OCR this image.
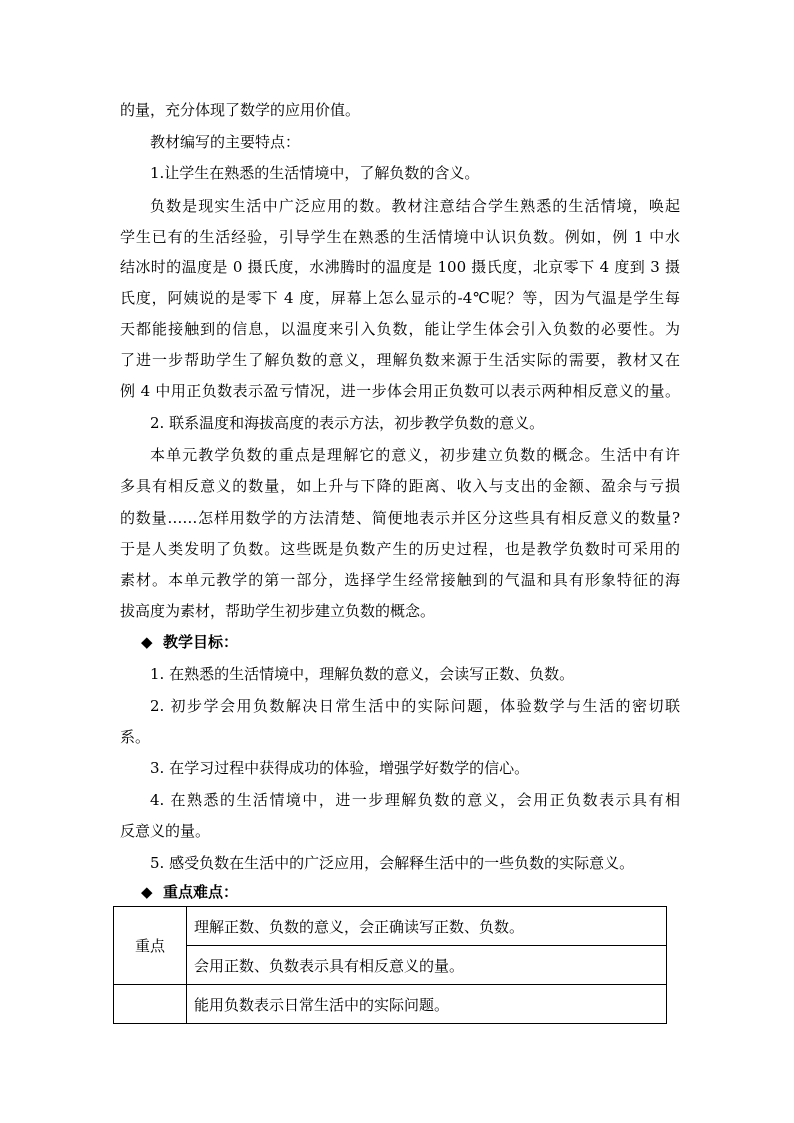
的量，充分体现了数学的应用价值。
教材编写的主要特点：
1.让学生在熟悉的生活情境中，了解负数的含义。
负数是现实生活中广泛应用的数。教材注意结合学生熟悉的生活情境，唤起
学生已有的生活经验，引导学生在熟悉的生活情境中认识负数。例如，例 1 中水
结冰时的温度是 0 摄氏度，水沸腾时的温度是 100 摄氏度，北京零下 4 度到 3 摄
氏度，阿姨说的是零下 4 度，屏幕上怎么显示的-4℃呢？等，因为气温是学生每
天都能接触到的信息，以温度来引入负数，能让学生体会引入负数的必要性。为
了进一步帮助学生了解负数的意义，理解负数来源于生活实际的需要，教材又在
例 4 中用正负数表示盈亏情况，进一步体会用正负数可以表示两种相反意义的量。
2. 联系温度和海拔高度的表示方法，初步教学负数的意义。
本单元教学负数的重点是理解它的意义，初步建立负数的概念。生活中有许
多具有相反意义的数量，如上升与下降的距离、收入与支出的金额、盈余与亏损
的数量……怎样用数学的方法清楚、简便地表示并区分这些具有相反意义的数量?
于是人类发明了负数。这些既是负数产生的历史过程，也是教学负数时可采用的
素材。本单元教学的第一部分，选择学生经常接触到的气温和具有形象特征的海
拔高度为素材，帮助学生初步建立负数的概念。
◆ 教学目标：
1. 在熟悉的生活情境中，理解负数的意义，会读写正数、负数。
2. 初步学会用负数解决日常生活中的实际问题，体验数学与生活的密切联
系。
3. 在学习过程中获得成功的体验，增强学好数学的信心。
4. 在熟悉的生活情境中，进一步理解负数的意义，会用正负数表示具有相
反意义的量。
5. 感受负数在生活中的广泛应用，会解释生活中的一些负数的实际意义。
◆ 重点难点：
重点	理解正数、负数的意义，会正确读写正数、负数。
	会用正数、负数表示具有相反意义的量。
	能用负数表示日常生活中的实际问题。
